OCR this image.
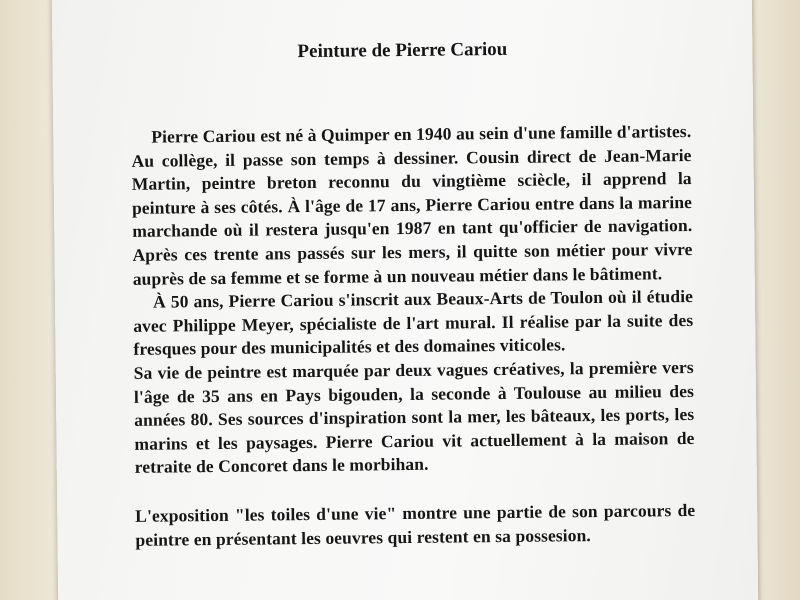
Peinture de Pierre Cariou

Pierre Cariou est né à Quimper en 1940 au sein d'une famille d'artistes. Au collège, il passe son temps à dessiner. Cousin direct de Jean-Marie Martin, peintre breton reconnu du vingtième sciècle, il apprend la peinture à ses côtés. À l'âge de 17 ans, Pierre Cariou entre dans la marine marchande où il restera jusqu'en 1987 en tant qu'officier de navigation. Après ces trente ans passés sur les mers, il quitte son métier pour vivre auprès de sa femme et se forme à un nouveau métier dans le bâtiment.

À 50 ans, Pierre Cariou s'inscrit aux Beaux-Arts de Toulon où il étudie avec Philippe Meyer, spécialiste de l'art mural. Il réalise par la suite des fresques pour des municipalités et des domaines viticoles.

Sa vie de peintre est marquée par deux vagues créatives, la première vers l'âge de 35 ans en Pays bigouden, la seconde à Toulouse au milieu des années 80. Ses sources d'inspiration sont la mer, les bâteaux, les ports, les marins et les paysages. Pierre Cariou vit actuellement à la maison de retraite de Concoret dans le morbihan.

L'exposition "les toiles d'une vie" montre une partie de son parcours de peintre en présentant les oeuvres qui restent en sa possesion.
